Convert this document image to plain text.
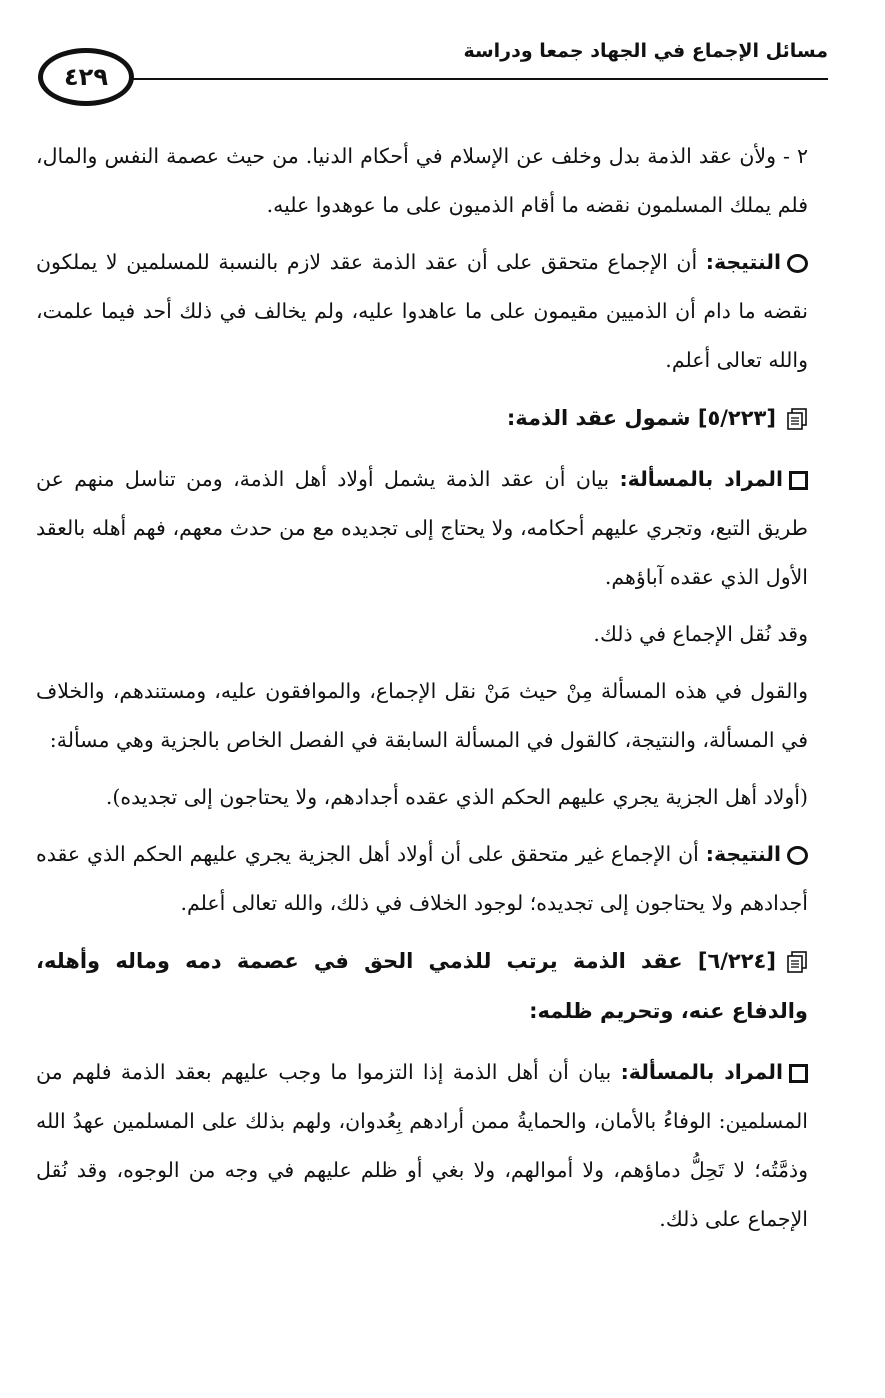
٤٢٩
مسائل الإجماع في الجهاد جمعا ودراسة

٢ - ولأن عقد الذمة بدل وخلف عن الإسلام في أحكام الدنيا. من حيث عصمة النفس والمال، فلم يملك المسلمون نقضه ما أقام الذميون على ما عوهدوا عليه.

النتيجة: أن الإجماع متحقق على أن عقد الذمة عقد لازم بالنسبة للمسلمين لا يملكون نقضه ما دام أن الذميين مقيمون على ما عاهدوا عليه، ولم يخالف في ذلك أحد فيما علمت، والله تعالى أعلم.

[٥/٢٢٣] شمول عقد الذمة:

المراد بالمسألة: بيان أن عقد الذمة يشمل أولاد أهل الذمة، ومن تناسل منهم عن طريق التبع، وتجري عليهم أحكامه، ولا يحتاج إلى تجديده مع من حدث معهم، فهم أهله بالعقد الأول الذي عقده آباؤهم.

وقد نُقل الإجماع في ذلك.

والقول في هذه المسألة مِنْ حيث مَنْ نقل الإجماع، والموافقون عليه، ومستندهم، والخلاف في المسألة، والنتيجة، كالقول في المسألة السابقة في الفصل الخاص بالجزية وهي مسألة:

(أولاد أهل الجزية يجري عليهم الحكم الذي عقده أجدادهم، ولا يحتاجون إلى تجديده).

النتيجة: أن الإجماع غير متحقق على أن أولاد أهل الجزية يجري عليهم الحكم الذي عقده أجدادهم ولا يحتاجون إلى تجديده؛ لوجود الخلاف في ذلك، والله تعالى أعلم.

[٦/٢٢٤] عقد الذمة يرتب للذمي الحق في عصمة دمه وماله وأهله، والدفاع عنه، وتحريم ظلمه:

المراد بالمسألة: بيان أن أهل الذمة إذا التزموا ما وجب عليهم بعقد الذمة فلهم من المسلمين: الوفاءُ بالأمان، والحمايةُ ممن أرادهم بِعُدوان، ولهم بذلك على المسلمين عهدُ الله وذمَّتُه؛ لا تَحِلُّ دماؤهم، ولا أموالهم، ولا بغي أو ظلم عليهم في وجه من الوجوه، وقد نُقل الإجماع على ذلك.
